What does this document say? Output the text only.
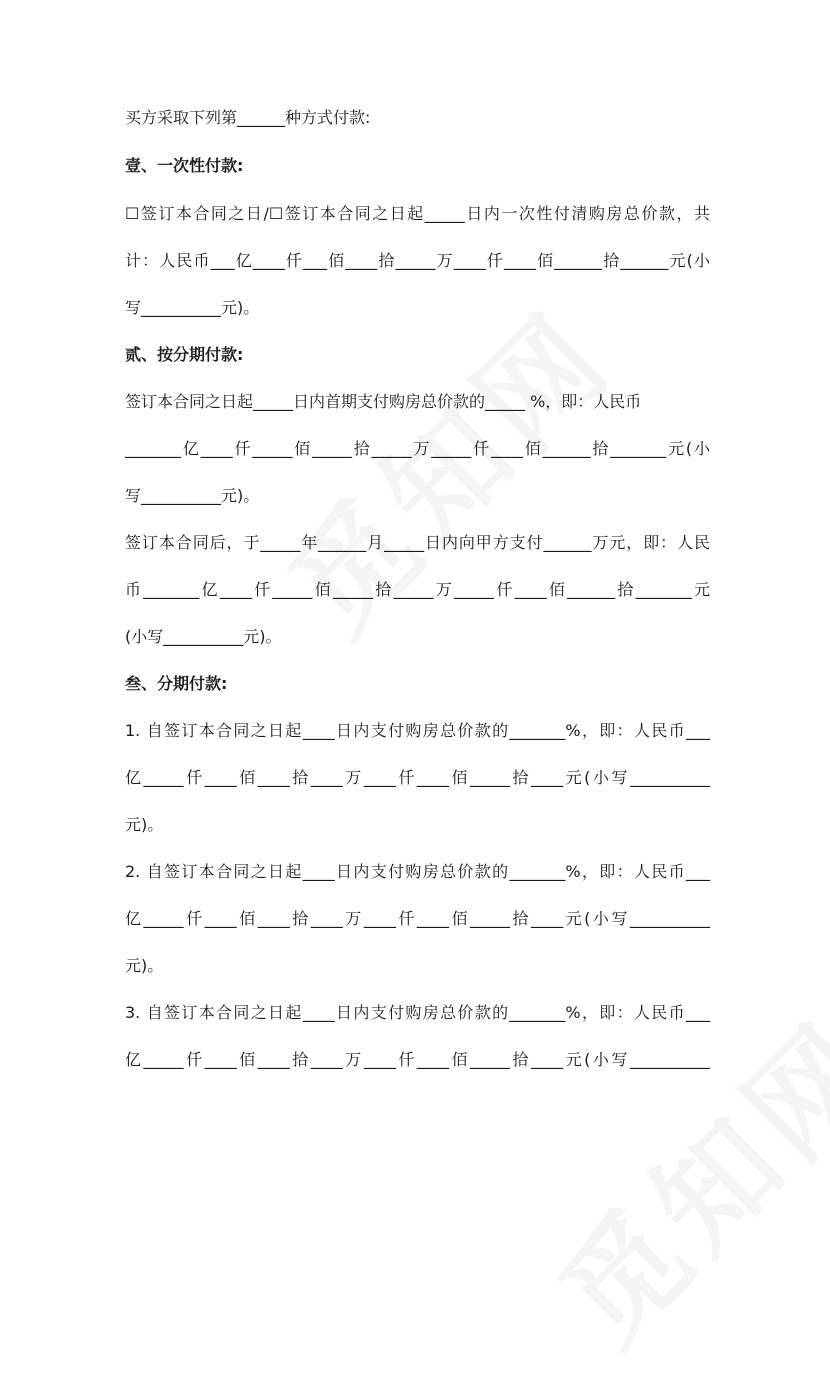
买方采取下列第______种方式付款:
壹、一次性付款:
☐签订本合同之日/☐签订本合同之日起_____日内一次性付清购房总价款，共
计：人民币___亿____仟___佰____拾_____万____仟____佰______拾______元(小
写__________元)。
贰、按分期付款:
签订本合同之日起_____日内首期支付购房总价款的_____ %，即：人民币
_______亿____仟_____佰_____拾_____万_____仟____佰______拾_______元(小
写__________元)。
签订本合同后，于_____年______月_____日内向甲方支付______万元，即：人民
币_______亿____仟_____佰_____拾_____万_____仟____佰______拾_______元
(小写__________元)。
叁、分期付款:
1. 自签订本合同之日起____日内支付购房总价款的_______%，即：人民币___
亿_____仟____佰____拾____万____仟____佰_____拾____元(小写__________
元)。
2. 自签订本合同之日起____日内支付购房总价款的_______%，即：人民币___
亿_____仟____佰____拾____万____仟____佰_____拾____元(小写__________
元)。
3. 自签订本合同之日起____日内支付购房总价款的_______%，即：人民币___
亿_____仟____佰____拾____万____仟____佰_____拾____元(小写__________
